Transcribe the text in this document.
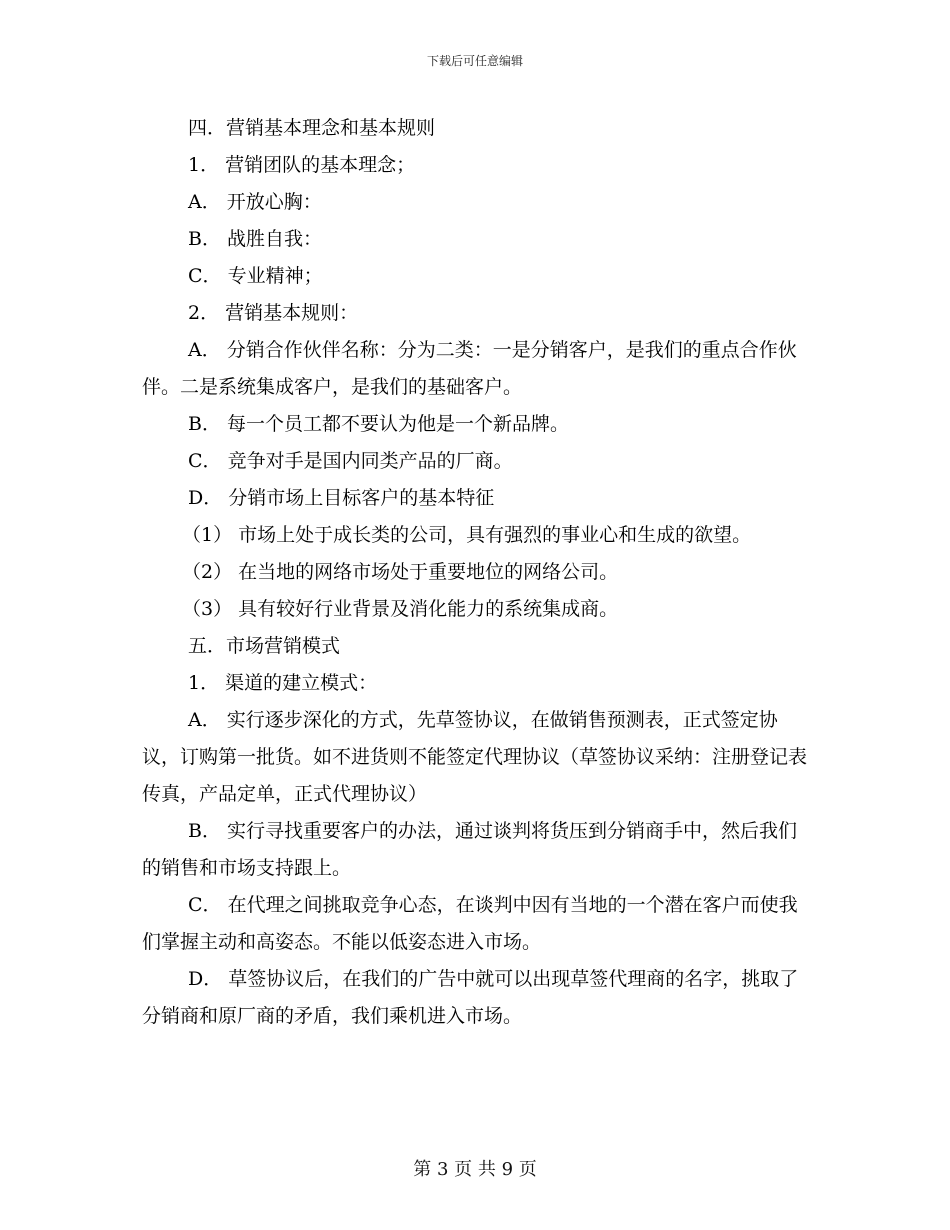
下载后可任意编辑

四．营销基本理念和基本规则

1． 营销团队的基本理念；

A． 开放心胸：

B． 战胜自我：

C． 专业精神；

2． 营销基本规则：

A． 分销合作伙伴名称：分为二类：一是分销客户，是我们的重点合作伙伴。二是系统集成客户，是我们的基础客户。

B． 每一个员工都不要认为他是一个新品牌。

C． 竞争对手是国内同类产品的厂商。

D． 分销市场上目标客户的基本特征

（1） 市场上处于成长类的公司，具有强烈的事业心和生成的欲望。

（2） 在当地的网络市场处于重要地位的网络公司。

（3） 具有较好行业背景及消化能力的系统集成商。

五．市场营销模式

1． 渠道的建立模式：

A． 实行逐步深化的方式，先草签协议，在做销售预测表，正式签定协议，订购第一批货。如不进货则不能签定代理协议（草签协议采纳：注册登记表传真，产品定单，正式代理协议）

B． 实行寻找重要客户的办法，通过谈判将货压到分销商手中，然后我们的销售和市场支持跟上。

C． 在代理之间挑取竞争心态，在谈判中因有当地的一个潜在客户而使我们掌握主动和高姿态。不能以低姿态进入市场。

D． 草签协议后，在我们的广告中就可以出现草签代理商的名字，挑取了分销商和原厂商的矛盾，我们乘机进入市场。

第 3 页 共 9 页
